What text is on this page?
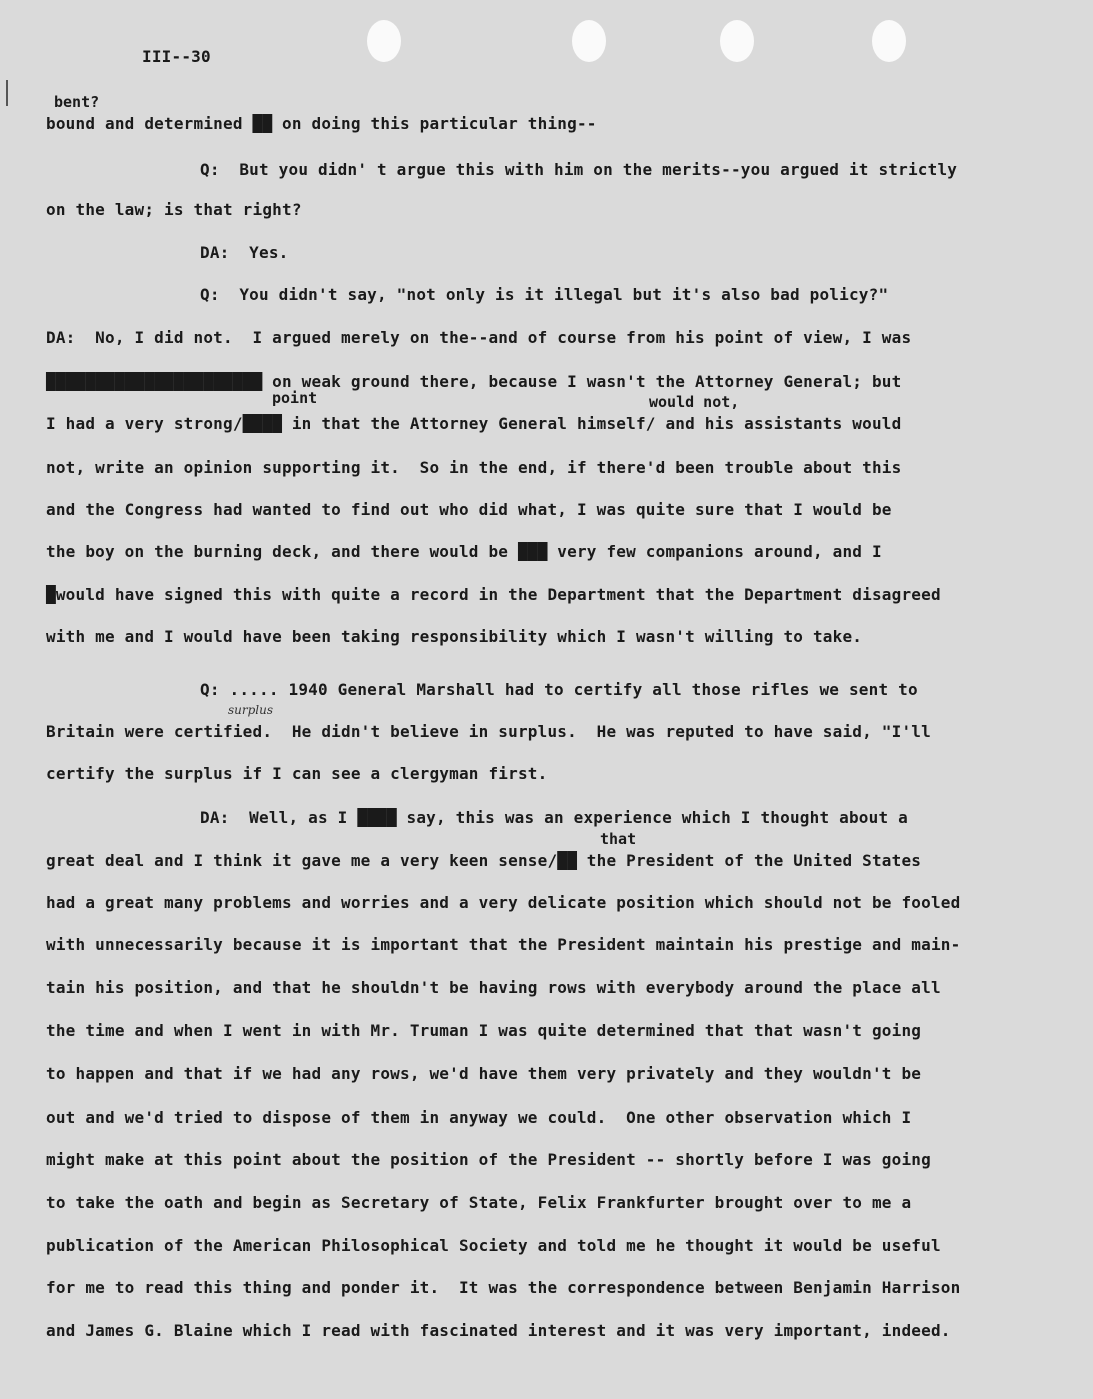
III--30
bent?
point	would not,
that
surplus
bound and determined ██ on doing this particular thing--
Q:  But you didn' t argue this with him on the merits--you argued it strictly
on the law; is that right?
DA:  Yes.
Q:  You didn't say, "not only is it illegal but it's also bad policy?"
DA:  No, I did not.  I argued merely on the--and of course from his point of view, I was
██████████████████████ on weak ground there, because I wasn't the Attorney General; but
I had a very strong/████ in that the Attorney General himself/ and his assistants would
not, write an opinion supporting it.  So in the end, if there'd been trouble about this
and the Congress had wanted to find out who did what, I was quite sure that I would be
the boy on the burning deck, and there would be ███ very few companions around, and I
█would have signed this with quite a record in the Department that the Department disagreed
with me and I would have been taking responsibility which I wasn't willing to take.
Q: ..... 1940 General Marshall had to certify all those rifles we sent to
Britain were certified.  He didn't believe in surplus.  He was reputed to have said, "I'll
certify the surplus if I can see a clergyman first.
DA:  Well, as I ████ say, this was an experience which I thought about a
great deal and I think it gave me a very keen sense/██ the President of the United States
had a great many problems and worries and a very delicate position which should not be fooled
with unnecessarily because it is important that the President maintain his prestige and main-
tain his position, and that he shouldn't be having rows with everybody around the place all
the time and when I went in with Mr. Truman I was quite determined that that wasn't going
to happen and that if we had any rows, we'd have them very privately and they wouldn't be
out and we'd tried to dispose of them in anyway we could.  One other observation which I
might make at this point about the position of the President -- shortly before I was going
to take the oath and begin as Secretary of State, Felix Frankfurter brought over to me a
publication of the American Philosophical Society and told me he thought it would be useful
for me to read this thing and ponder it.  It was the correspondence between Benjamin Harrison
and James G. Blaine which I read with fascinated interest and it was very important, indeed.
